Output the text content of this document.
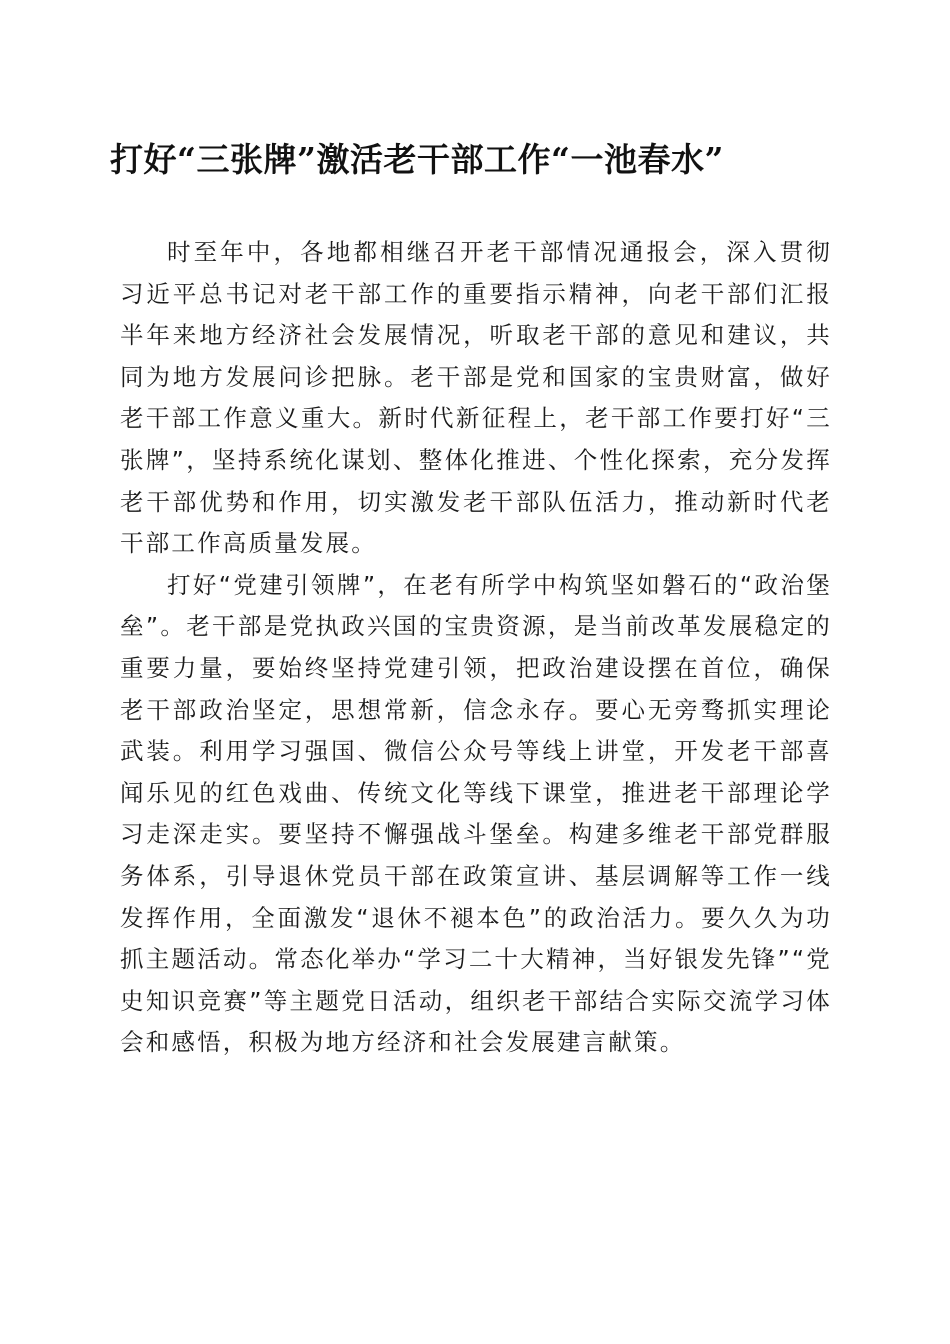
打好“三张牌”激活老干部工作“一池春水”

时至年中，各地都相继召开老干部情况通报会，深入贯彻习近平总书记对老干部工作的重要指示精神，向老干部们汇报半年来地方经济社会发展情况，听取老干部的意见和建议，共同为地方发展问诊把脉。老干部是党和国家的宝贵财富，做好老干部工作意义重大。新时代新征程上，老干部工作要打好“三张牌”，坚持系统化谋划、整体化推进、个性化探索，充分发挥老干部优势和作用，切实激发老干部队伍活力，推动新时代老干部工作高质量发展。

打好“党建引领牌”，在老有所学中构筑坚如磐石的“政治堡垒”。老干部是党执政兴国的宝贵资源，是当前改革发展稳定的重要力量，要始终坚持党建引领，把政治建设摆在首位，确保老干部政治坚定，思想常新，信念永存。要心无旁骛抓实理论武装。利用学习强国、微信公众号等线上讲堂，开发老干部喜闻乐见的红色戏曲、传统文化等线下课堂，推进老干部理论学习走深走实。要坚持不懈强战斗堡垒。构建多维老干部党群服务体系，引导退休党员干部在政策宣讲、基层调解等工作一线发挥作用，全面激发“退休不褪本色”的政治活力。要久久为功抓主题活动。常态化举办“学习二十大精神，当好银发先锋”“党史知识竞赛”等主题党日活动，组织老干部结合实际交流学习体会和感悟，积极为地方经济和社会发展建言献策。
